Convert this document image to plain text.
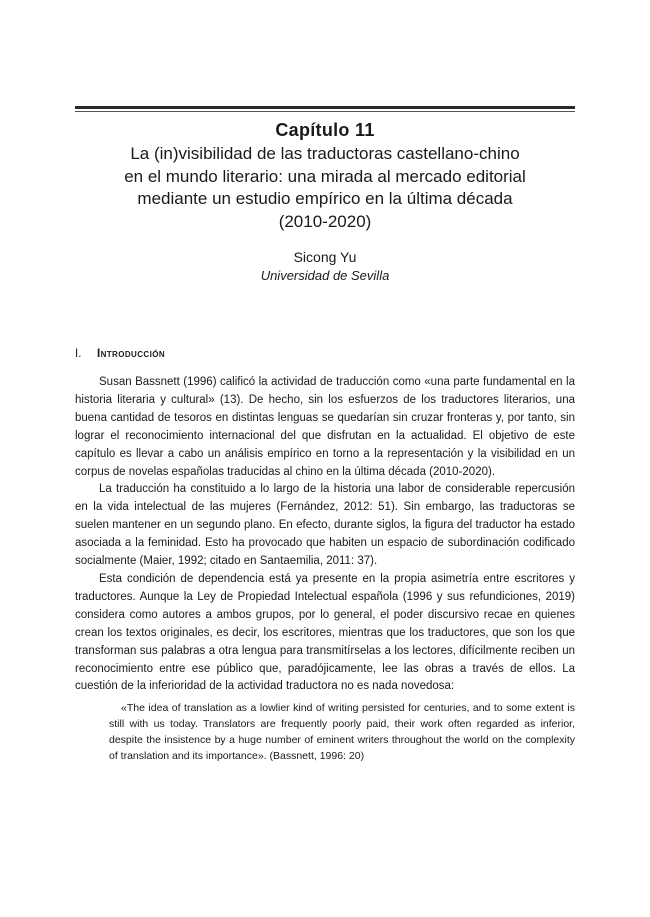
Capítulo 11
La (in)visibilidad de las traductoras castellano-chino
en el mundo literario: una mirada al mercado editorial
mediante un estudio empírico en la última década
(2010-2020)
Sicong Yu
Universidad de Sevilla
I. Introducción

Susan Bassnett (1996) calificó la actividad de traducción como «una parte fundamental en la historia literaria y cultural» (13). De hecho, sin los esfuerzos de los traductores literarios, una buena cantidad de tesoros en distintas lenguas se quedarían sin cruzar fronteras y, por tanto, sin lograr el reconocimiento internacional del que disfrutan en la actualidad. El objetivo de este capítulo es llevar a cabo un análisis empírico en torno a la representación y la visibilidad en un corpus de novelas españolas traducidas al chino en la última década (2010-2020).

La traducción ha constituido a lo largo de la historia una labor de considerable repercusión en la vida intelectual de las mujeres (Fernández, 2012: 51). Sin embargo, las traductoras se suelen mantener en un segundo plano. En efecto, durante siglos, la figura del traductor ha estado asociada a la feminidad. Esto ha provocado que habiten un espacio de subordinación codificado socialmente (Maier, 1992; citado en Santaemilia, 2011: 37).

Esta condición de dependencia está ya presente en la propia asimetría entre escritores y traductores. Aunque la Ley de Propiedad Intelectual española (1996 y sus refundiciones, 2019) considera como autores a ambos grupos, por lo general, el poder discursivo recae en quienes crean los textos originales, es decir, los escritores, mientras que los traductores, que son los que transforman sus palabras a otra lengua para transmitírselas a los lectores, difícilmente reciben un reconocimiento entre ese público que, paradójicamente, lee las obras a través de ellos. La cuestión de la inferioridad de la actividad traductora no es nada novedosa:

«The idea of translation as a lowlier kind of writing persisted for centuries, and to some extent is still with us today. Translators are frequently poorly paid, their work often regarded as inferior, despite the insistence by a huge number of eminent writers throughout the world on the complexity of translation and its importance». (Bassnett, 1996: 20)
